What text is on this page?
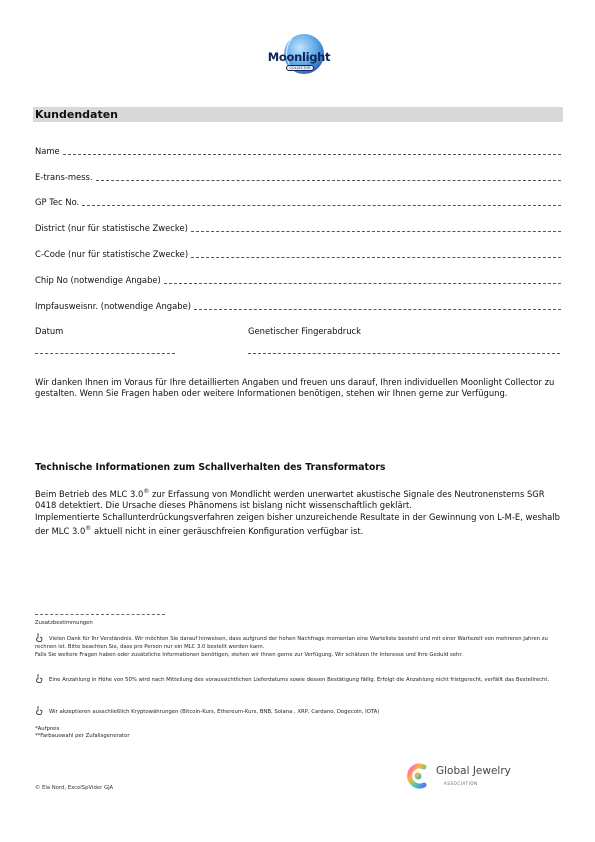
Moonlight
COLLECTOR
Kundendaten
Name
E-trans-mess.
GP Tec No.
District (nur für statistische Zwecke)
C-Code (nur für statistische Zwecke)
Chip No (notwendige Angabe)
Impfausweisnr. (notwendige Angabe)
Datum	Genetischer Fingerabdruck
Wir danken Ihnen im Voraus für Ihre detaillierten Angaben und freuen uns darauf, Ihren individuellen Moonlight Collector zu gestalten. Wenn Sie Fragen haben oder weitere Informationen benötigen, stehen wir Ihnen gerne zur Verfügung.
Technische Informationen zum Schallverhalten des Transformators
Beim Betrieb des MLC 3.0® zur Erfassung von Mondlicht werden unerwartet akustische Signale des Neutronensterns SGR 0418 detektiert. Die Ursache dieses Phänomens ist bislang nicht wissenschaftlich geklärt.
Implementierte Schallunterdrückungsverfahren zeigen bisher unzureichende Resultate in der Gewinnung von L-M-E, weshalb der MLC 3.0® aktuell nicht in einer geräuschfreien Konfiguration verfügbar ist.
Zusatzbestimmungen
Vielen Dank für Ihr Verständnis. Wir möchten Sie darauf hinweisen, dass aufgrund der hohen Nachfrage momentan eine Warteliste besteht und mit einer Wartezeit von mehreren Jahren zu rechnen ist. Bitte beachten Sie, dass pro Person nur ein MLC 3.0 bestellt werden kann.
Falls Sie weitere Fragen haben oder zusätzliche Informationen benötigen, stehen wir Ihnen gerne zur Verfügung. Wir schätzen Ihr Interesse und Ihre Geduld sehr.
Eine Anzahlung in Höhe von 50% wird nach Mitteilung des voraussichtlichen Lieferdatums sowie dessen Bestätigung fällig. Erfolgt die Anzahlung nicht fristgerecht, verfällt das Bestellrecht.
Wir akzeptieren ausschließlich Kryptowährungen (Bitcoin-Kurs, Ethereum-Kurs, BNB, Solana , XRP, Cardano, Dogecoin, IOTA)
*Aufpreis
**Farbauswahl per Zufallsgenerator
© Ela Nord, ExcelSpVider GJA
Global Jewelry
ASSOCIATION
